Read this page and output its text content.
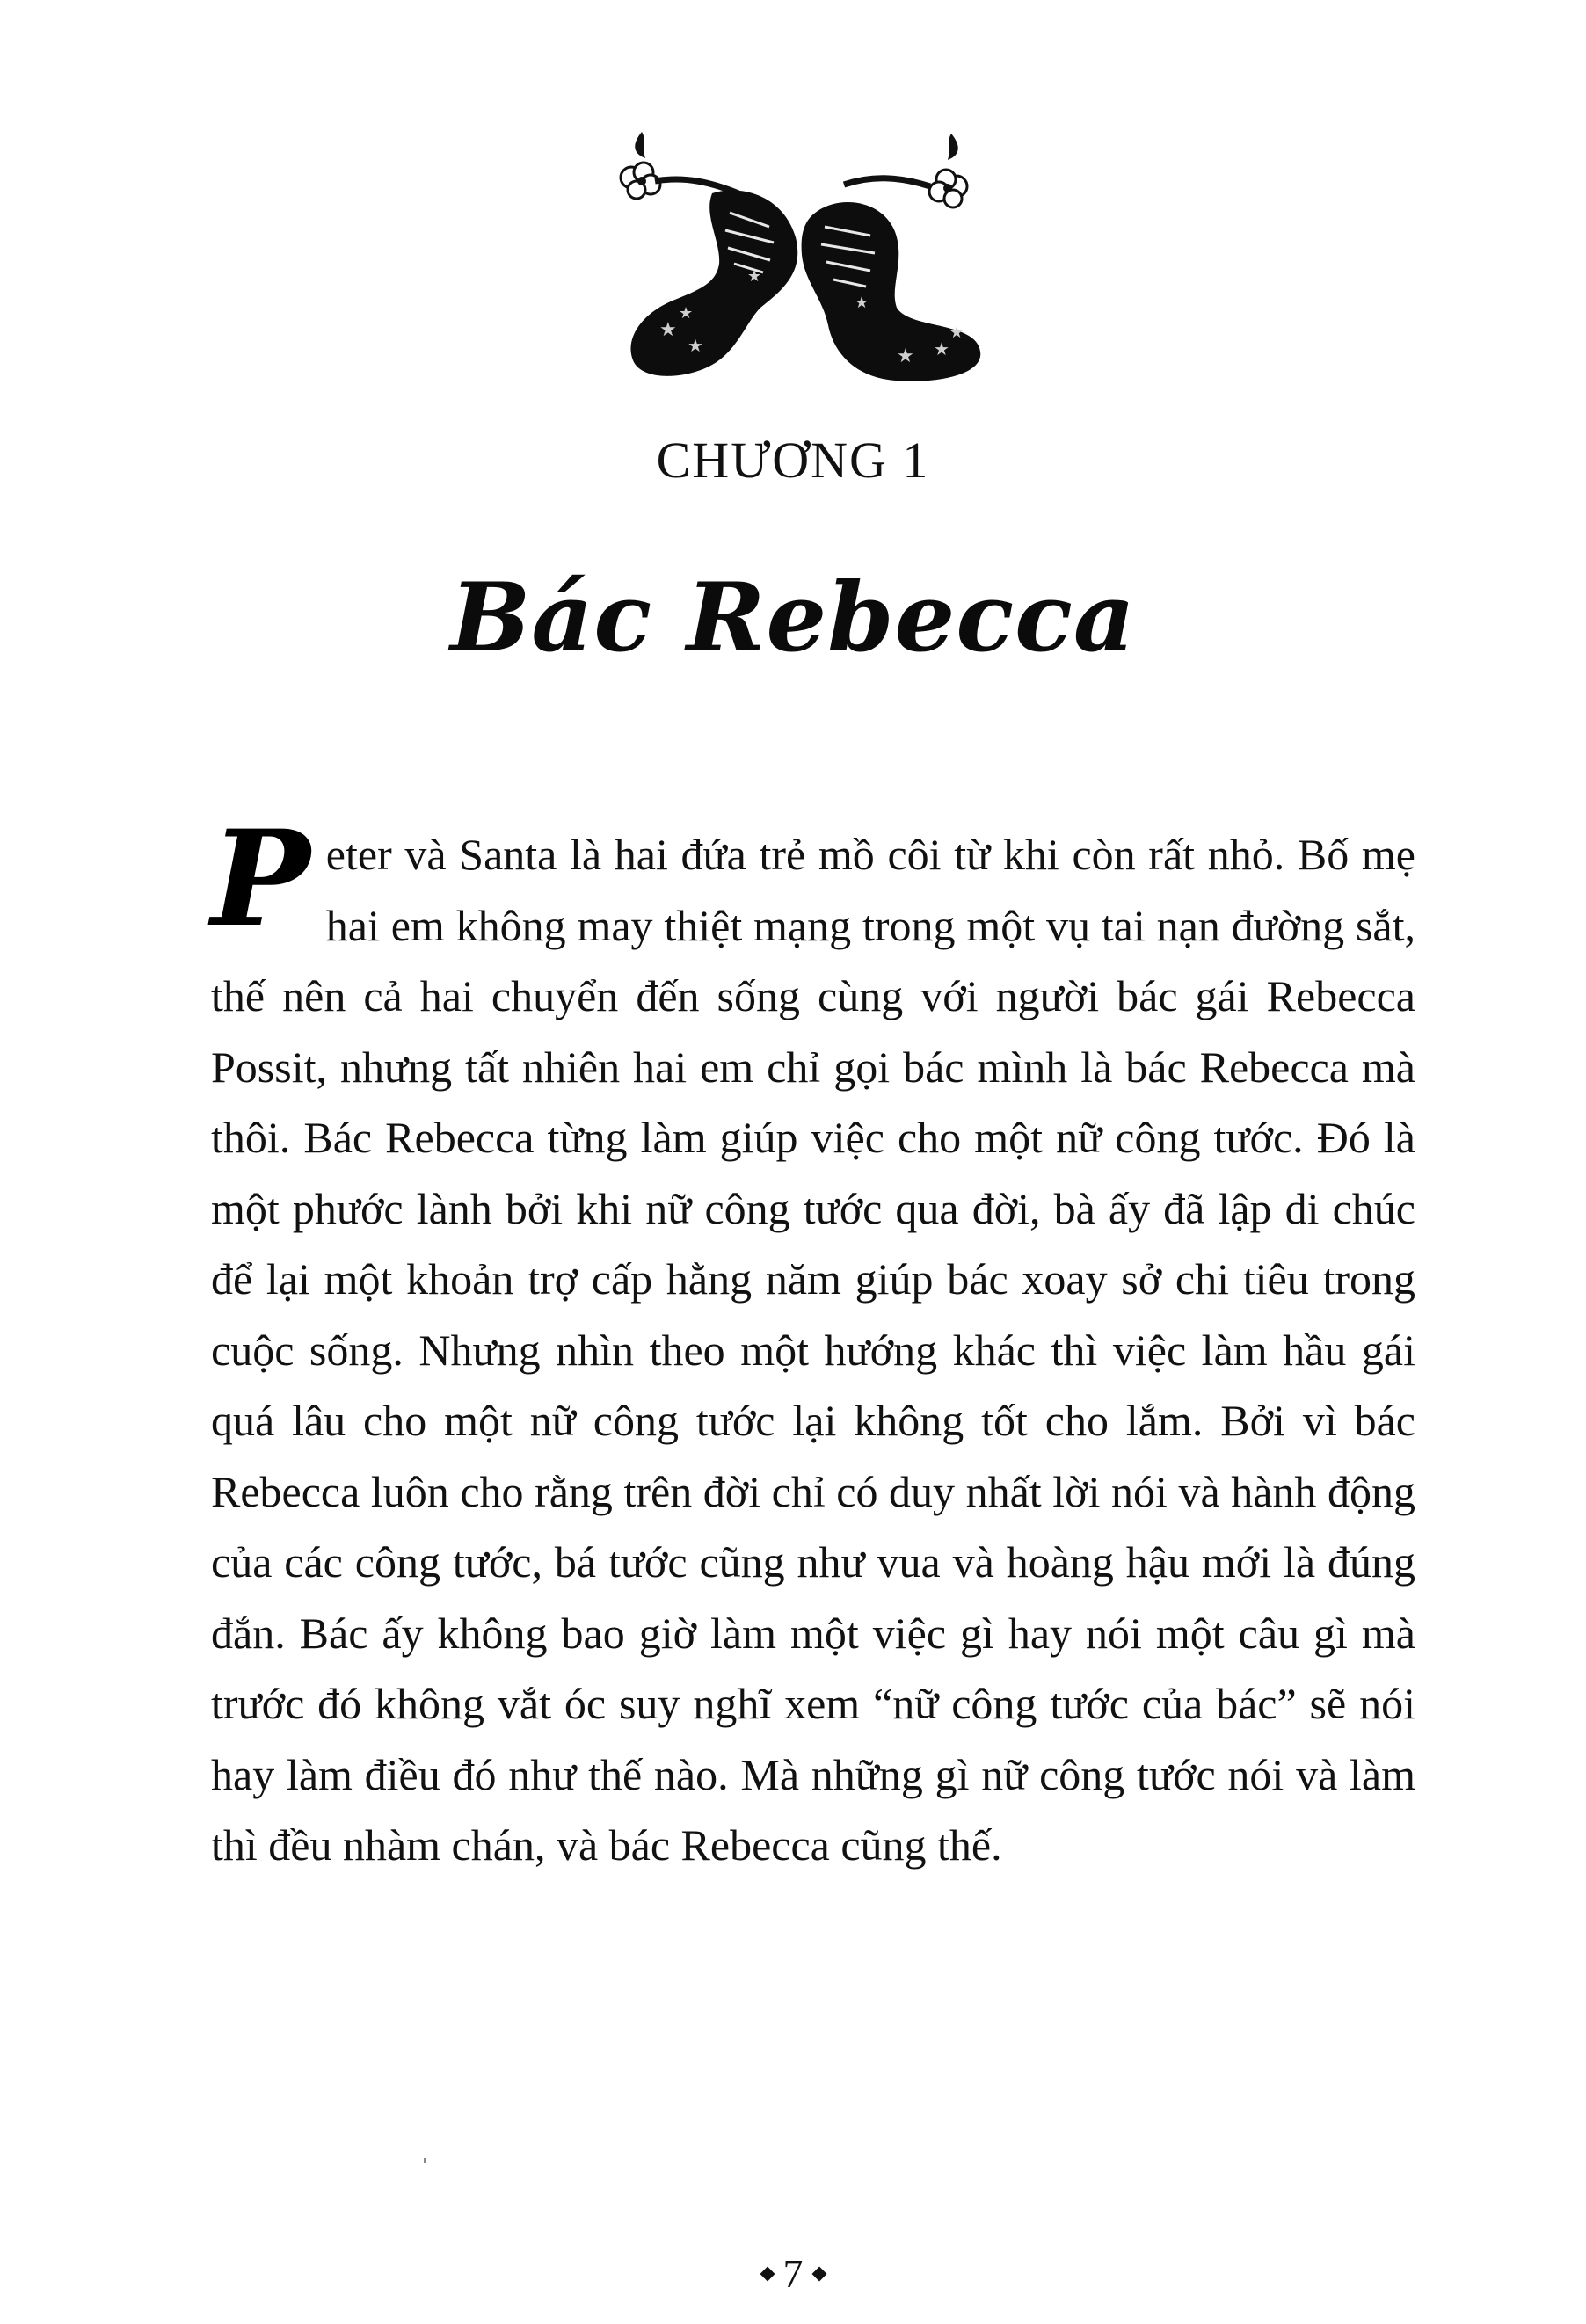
★
★
★
★
★ ★
★
★
CHƯƠNG 1
Bác Rebecca
Peter và Santa là hai đứa trẻ mồ côi từ khi còn rất nhỏ. Bố mẹ hai em không may thiệt mạng trong một vụ tai nạn đường sắt, thế nên cả hai chuyển đến sống cùng với người bác gái Rebecca Possit, nhưng tất nhiên hai em chỉ gọi bác mình là bác Rebecca mà thôi. Bác Rebecca từng làm giúp việc cho một nữ công tước. Đó là một phước lành bởi khi nữ công tước qua đời, bà ấy đã lập di chúc để lại một khoản trợ cấp hằng năm giúp bác xoay sở chi tiêu trong cuộc sống. Nhưng nhìn theo một hướng khác thì việc làm hầu gái quá lâu cho một nữ công tước lại không tốt cho lắm. Bởi vì bác Rebecca luôn cho rằng trên đời chỉ có duy nhất lời nói và hành động của các công tước, bá tước cũng như vua và hoàng hậu mới là đúng đắn. Bác ấy không bao giờ làm một việc gì hay nói một câu gì mà trước đó không vắt óc suy nghĩ xem “nữ công tước của bác” sẽ nói hay làm điều đó như thế nào. Mà những gì nữ công tước nói và làm thì đều nhàm chán, và bác Rebecca cũng thế.
7
